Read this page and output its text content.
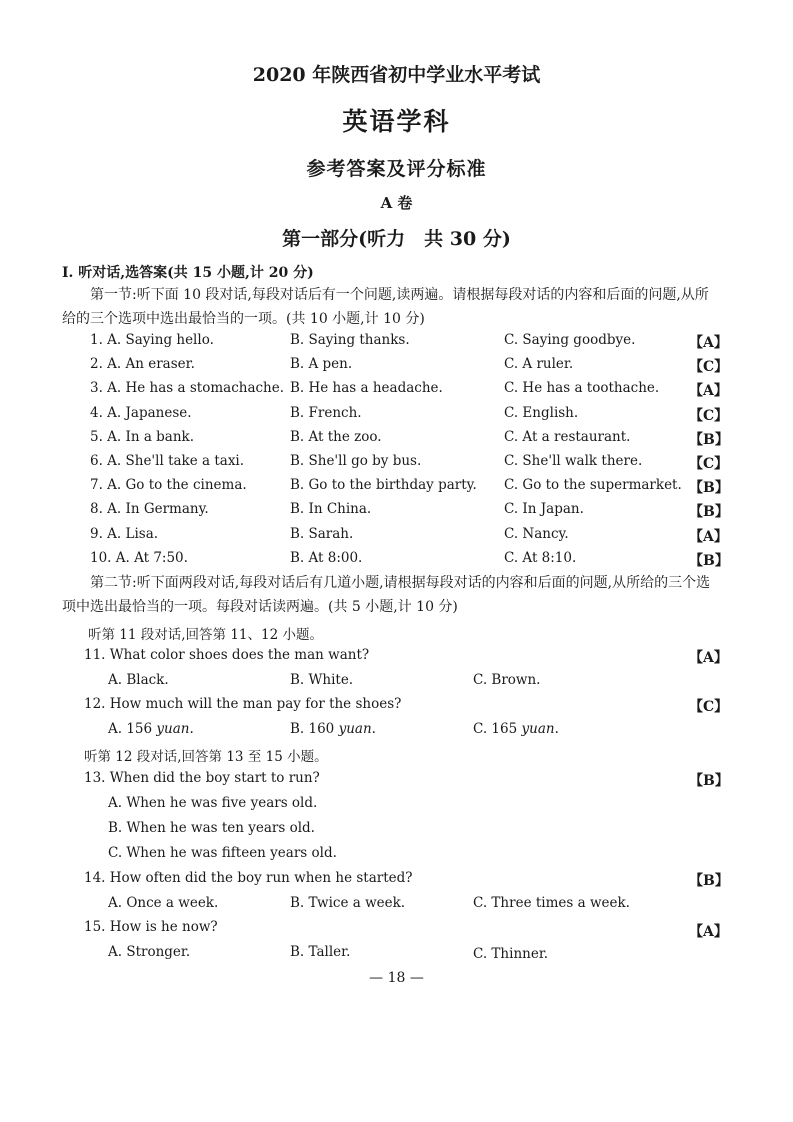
2020 年陕西省初中学业水平考试
英语学科
参考答案及评分标准
A 卷
第一部分(听力　共 30 分)
Ⅰ. 听对话,选答案(共 15 小题,计 20 分)
第一节:听下面 10 段对话,每段对话后有一个问题,读两遍。请根据每段对话的内容和后面的问题,从所给的三个选项中选出最恰当的一项。(共 10 小题,计 10 分)
1. A. Saying hello.	B. Saying thanks.	C. Saying goodbye.	【A】
2. A. An eraser.	B. A pen.	C. A ruler.	【C】
3. A. He has a stomachache. B. He has a headache.	C. He has a toothache. 【A】
4. A. Japanese.	B. French.	C. English.	【C】
5. A. In a bank.	B. At the zoo.	C. At a restaurant.	【B】
6. A. She'll take a taxi.	B. She'll go by bus.	C. She'll walk there.	【C】
7. A. Go to the cinema.	B. Go to the birthday party. C. Go to the supermarket. 【B】
8. A. In Germany.	B. In China.	C. In Japan.	【B】
9. A. Lisa.	B. Sarah.	C. Nancy.	【A】
10. A. At 7:50.	B. At 8:00.	C. At 8:10.	【B】
第二节:听下面两段对话,每段对话后有几道小题,请根据每段对话的内容和后面的问题,从所给的三个选项中选出最恰当的一项。每段对话读两遍。(共 5 小题,计 10 分)
听第 11 段对话,回答第 11、12 小题。
11. What color shoes does the man want?	【A】
A. Black.	B. White.	C. Brown.
12. How much will the man pay for the shoes?	【C】
A. 156 yuan.	B. 160 yuan.	C. 165 yuan.
听第 12 段对话,回答第 13 至 15 小题。
13. When did the boy start to run?	【B】
A. When he was five years old.
B. When he was ten years old.
C. When he was fifteen years old.
14. How often did the boy run when he started?	【B】
A. Once a week.	B. Twice a week.	C. Three times a week.
15. How is he now?	【A】
A. Stronger.	B. Taller.	C. Thinner.
— 18 —
